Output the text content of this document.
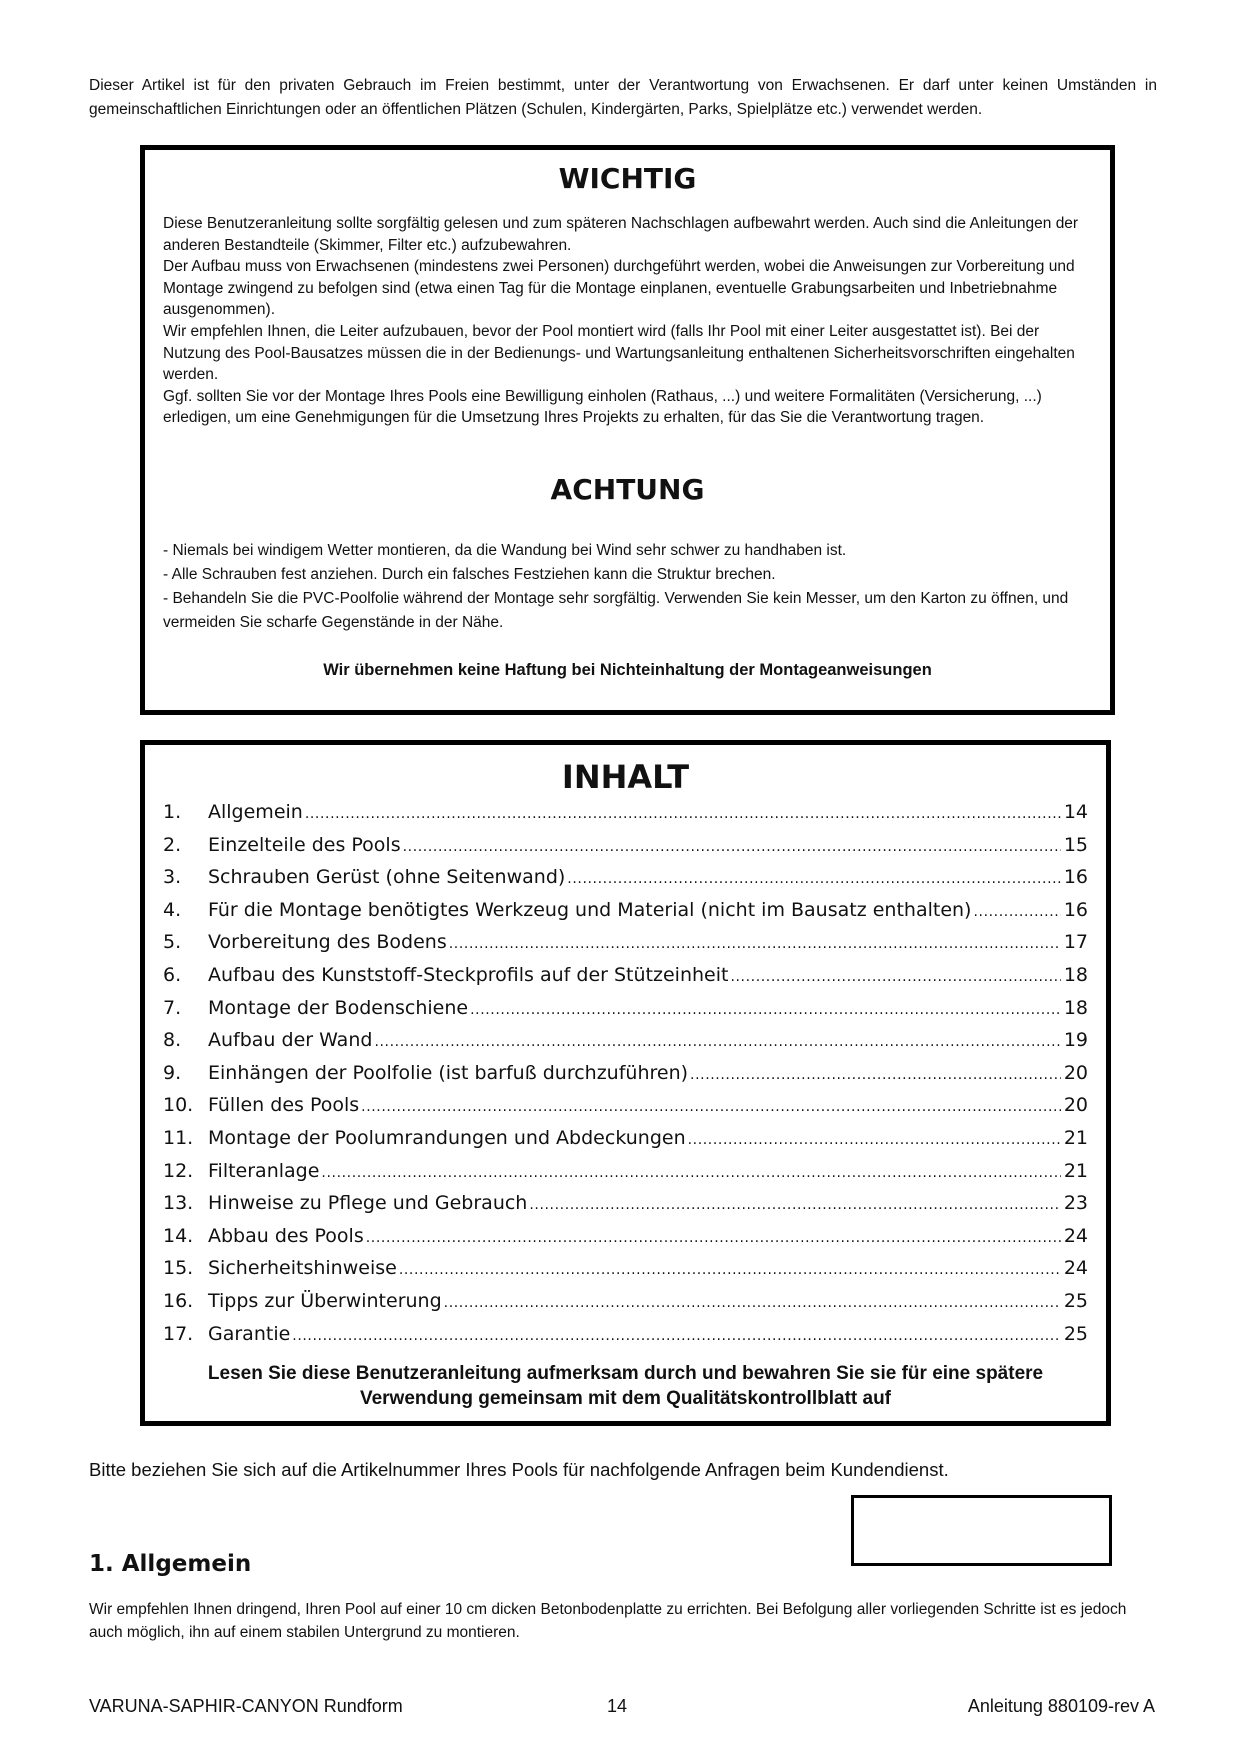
Dieser Artikel ist für den privaten Gebrauch im Freien bestimmt, unter der Verantwortung von Erwachsenen. Er darf unter keinen Umständen in gemeinschaftlichen Einrichtungen oder an öffentlichen Plätzen (Schulen, Kindergärten, Parks, Spielplätze etc.) verwendet werden.

WICHTIG
Diese Benutzeranleitung sollte sorgfältig gelesen und zum späteren Nachschlagen aufbewahrt werden. Auch sind die Anleitungen der anderen Bestandteile (Skimmer, Filter etc.) aufzubewahren.
Der Aufbau muss von Erwachsenen (mindestens zwei Personen) durchgeführt werden, wobei die Anweisungen zur Vorbereitung und Montage zwingend zu befolgen sind (etwa einen Tag für die Montage einplanen, eventuelle Grabungsarbeiten und Inbetriebnahme ausgenommen).
Wir empfehlen Ihnen, die Leiter aufzubauen, bevor der Pool montiert wird (falls Ihr Pool mit einer Leiter ausgestattet ist). Bei der Nutzung des Pool-Bausatzes müssen die in der Bedienungs- und Wartungsanleitung enthaltenen Sicherheitsvorschriften eingehalten werden.
Ggf. sollten Sie vor der Montage Ihres Pools eine Bewilligung einholen (Rathaus, ...) und weitere Formalitäten (Versicherung, ...) erledigen, um eine Genehmigungen für die Umsetzung Ihres Projekts zu erhalten, für das Sie die Verantwortung tragen.
ACHTUNG
- Niemals bei windigem Wetter montieren, da die Wandung bei Wind sehr schwer zu handhaben ist.
- Alle Schrauben fest anziehen. Durch ein falsches Festziehen kann die Struktur brechen.
- Behandeln Sie die PVC-Poolfolie während der Montage sehr sorgfältig. Verwenden Sie kein Messer, um den Karton zu öffnen, und vermeiden Sie scharfe Gegenstände in der Nähe.

Wir übernehmen keine Haftung bei Nichteinhaltung der Montageanweisungen

INHALT
1.	Allgemein .....	14
2.	Einzelteile des Pools .....	15
3.	Schrauben Gerüst (ohne Seitenwand) .....	16
4.	Für die Montage benötigtes Werkzeug und Material (nicht im Bausatz enthalten) .....	16
5.	Vorbereitung des Bodens .....	17
6.	Aufbau des Kunststoff-Steckprofils auf der Stützeinheit .....	18
7.	Montage der Bodenschiene .....	18
8.	Aufbau der Wand .....	19
9.	Einhängen der Poolfolie (ist barfuß durchzuführen) .....	20
10. Füllen des Pools .....	20
11. Montage der Poolumrandungen und Abdeckungen .....	21
12. Filteranlage .....	21
13. Hinweise zu Pflege und Gebrauch .....	23
14. Abbau des Pools .....	24
15. Sicherheitshinweise .....	24
16. Tipps zur Überwinterung .....	25
17. Garantie .....	25

Lesen Sie diese Benutzeranleitung aufmerksam durch und bewahren Sie sie für eine spätere
Verwendung gemeinsam mit dem Qualitätskontrollblatt auf

Bitte beziehen Sie sich auf die Artikelnummer Ihres Pools für nachfolgende Anfragen beim Kundendienst.

1. Allgemein

Wir empfehlen Ihnen dringend, Ihren Pool auf einer 10 cm dicken Betonbodenplatte zu errichten. Bei Befolgung aller vorliegenden Schritte ist es jedoch auch möglich, ihn auf einem stabilen Untergrund zu montieren.

VARUNA-SAPHIR-CANYON Rundform	14	Anleitung 880109-rev A
